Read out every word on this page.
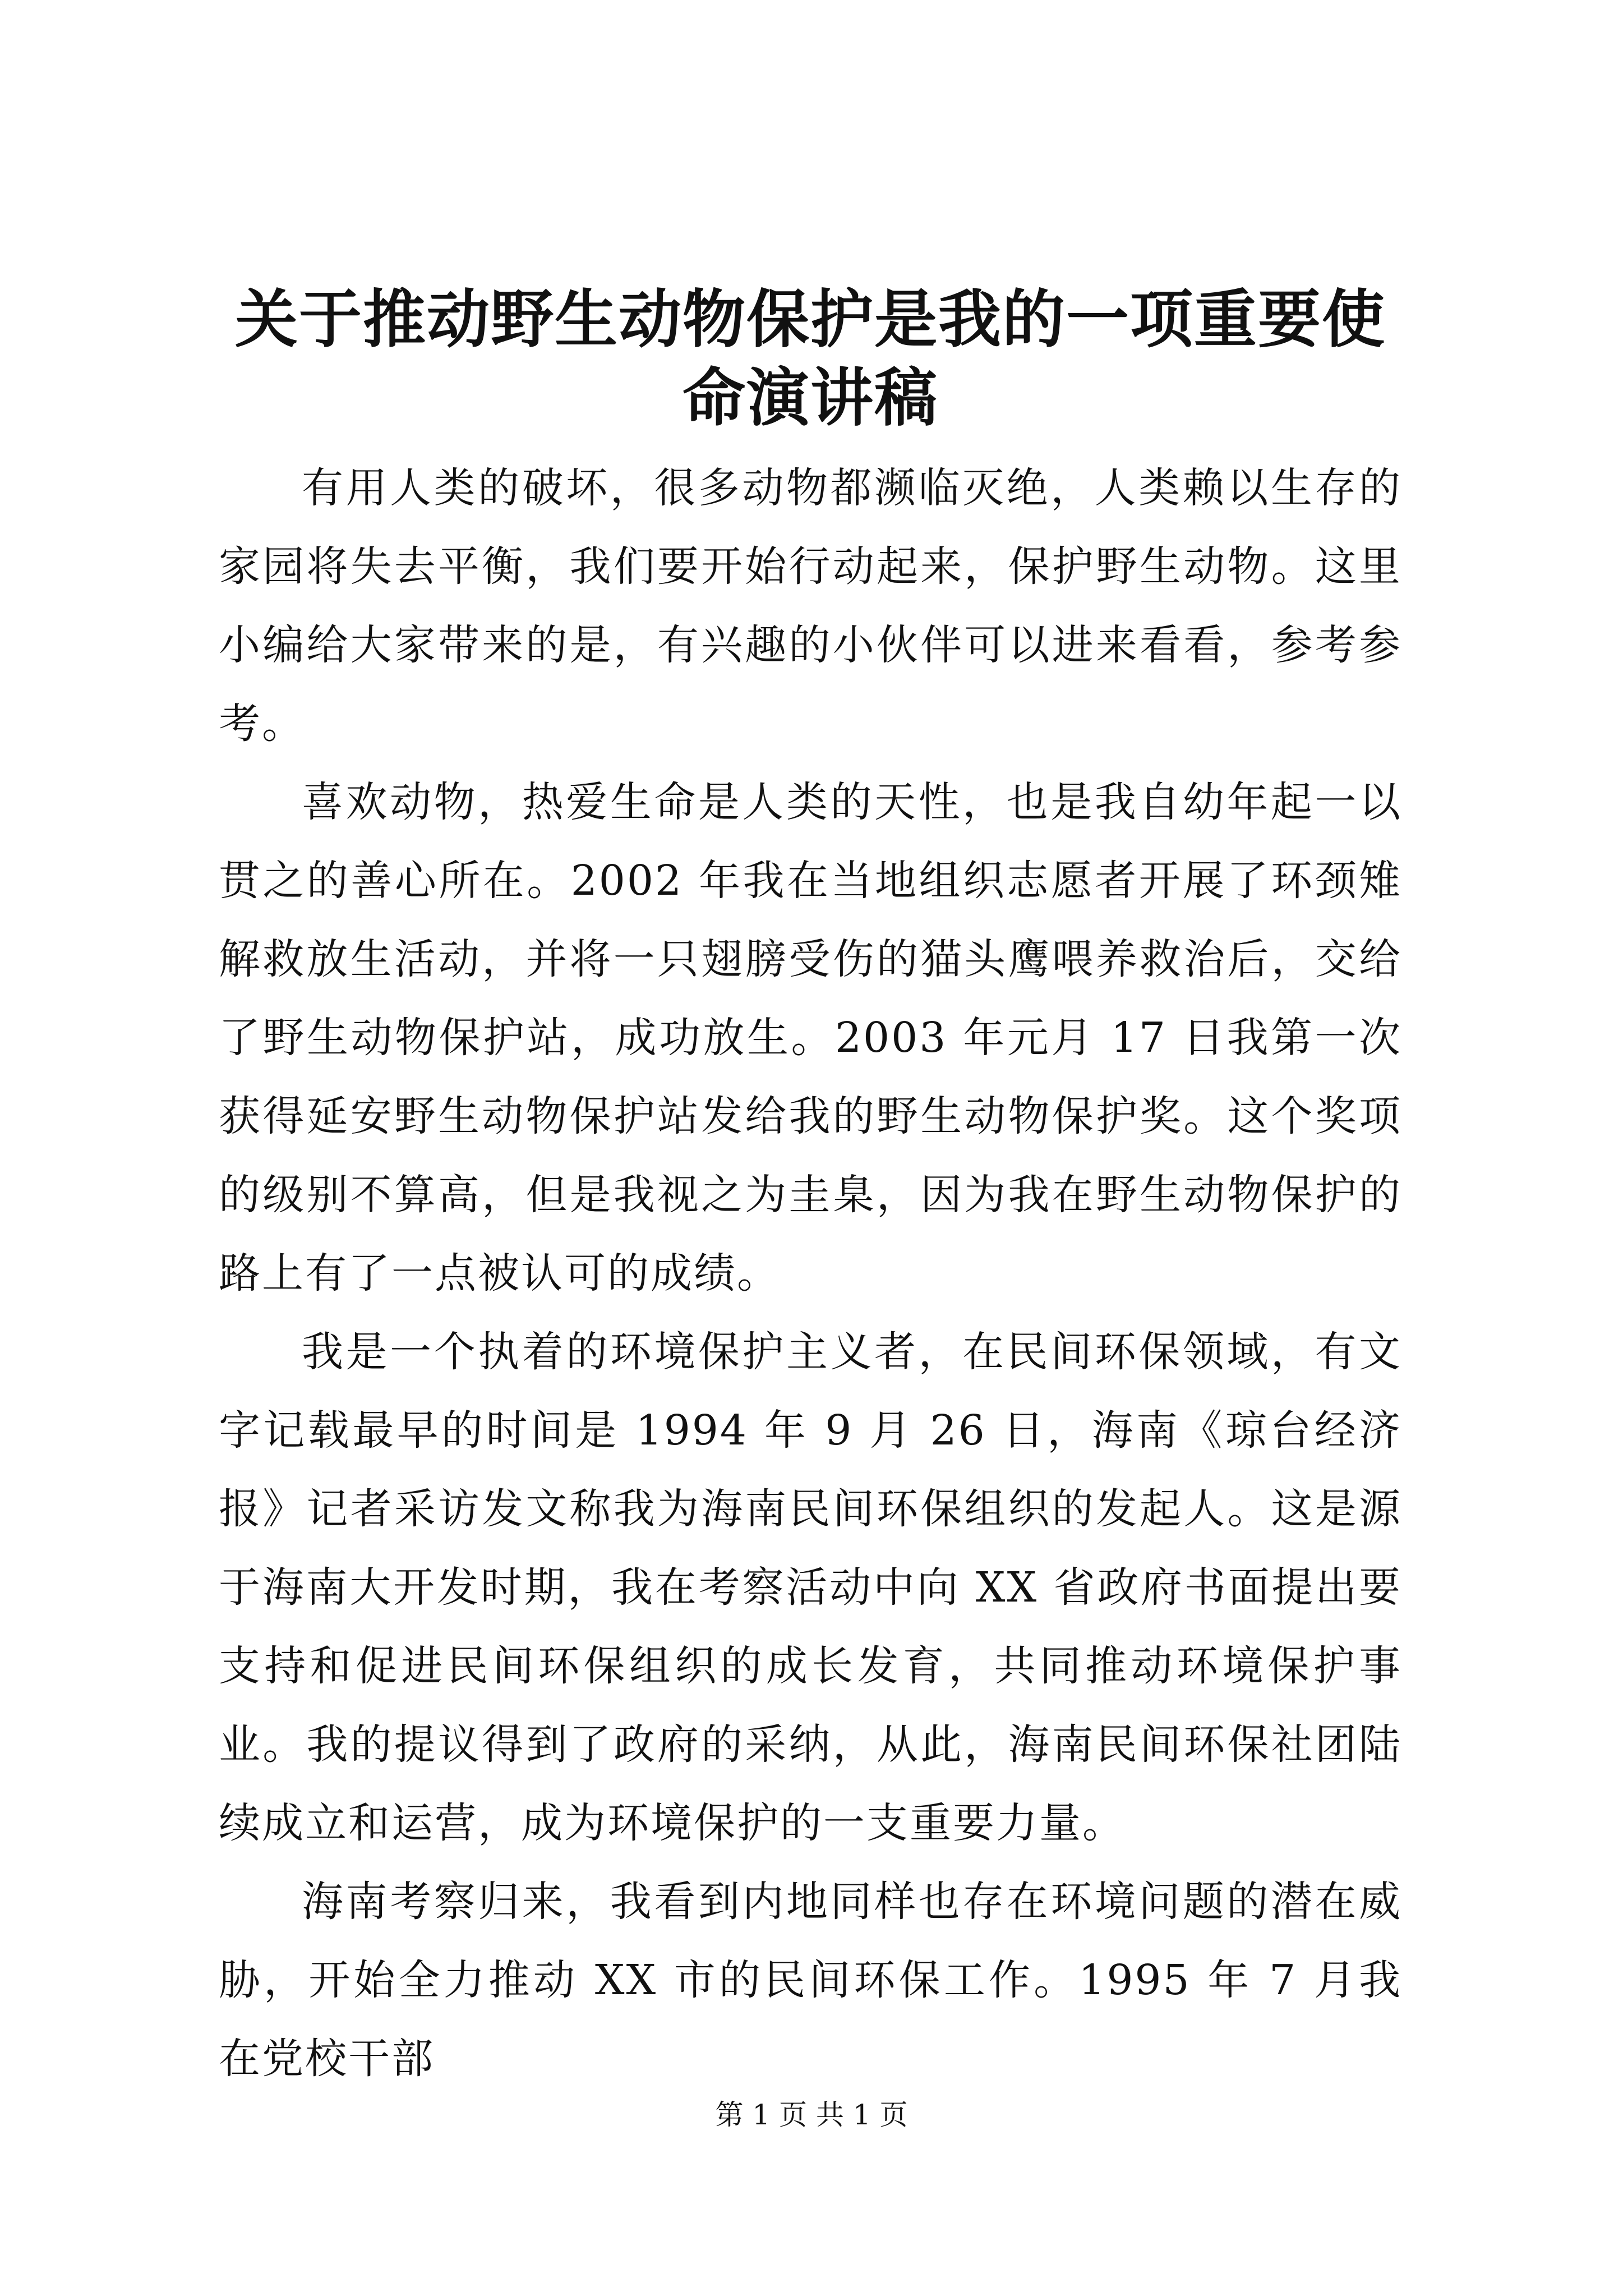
关于推动野生动物保护是我的一项重要使命演讲稿

有用人类的破坏，很多动物都濒临灭绝，人类赖以生存的家园将失去平衡，我们要开始行动起来，保护野生动物。这里小编给大家带来的是，有兴趣的小伙伴可以进来看看，参考参考。

喜欢动物，热爱生命是人类的天性，也是我自幼年起一以贯之的善心所在。2002 年我在当地组织志愿者开展了环颈雉解救放生活动，并将一只翅膀受伤的猫头鹰喂养救治后，交给了野生动物保护站，成功放生。2003 年元月 17 日我第一次获得延安野生动物保护站发给我的野生动物保护奖。这个奖项的级别不算高，但是我视之为圭臬，因为我在野生动物保护的路上有了一点被认可的成绩。

我是一个执着的环境保护主义者，在民间环保领域，有文字记载最早的时间是 1994 年 9 月 26 日，海南《琼台经济报》记者采访发文称我为海南民间环保组织的发起人。这是源于海南大开发时期，我在考察活动中向 XX 省政府书面提出要支持和促进民间环保组织的成长发育，共同推动环境保护事业。我的提议得到了政府的采纳，从此，海南民间环保社团陆续成立和运营，成为环境保护的一支重要力量。

海南考察归来，我看到内地同样也存在环境问题的潜在威胁，开始全力推动 XX 市的民间环保工作。1995 年 7 月我在党校干部

第 1 页 共 1 页
